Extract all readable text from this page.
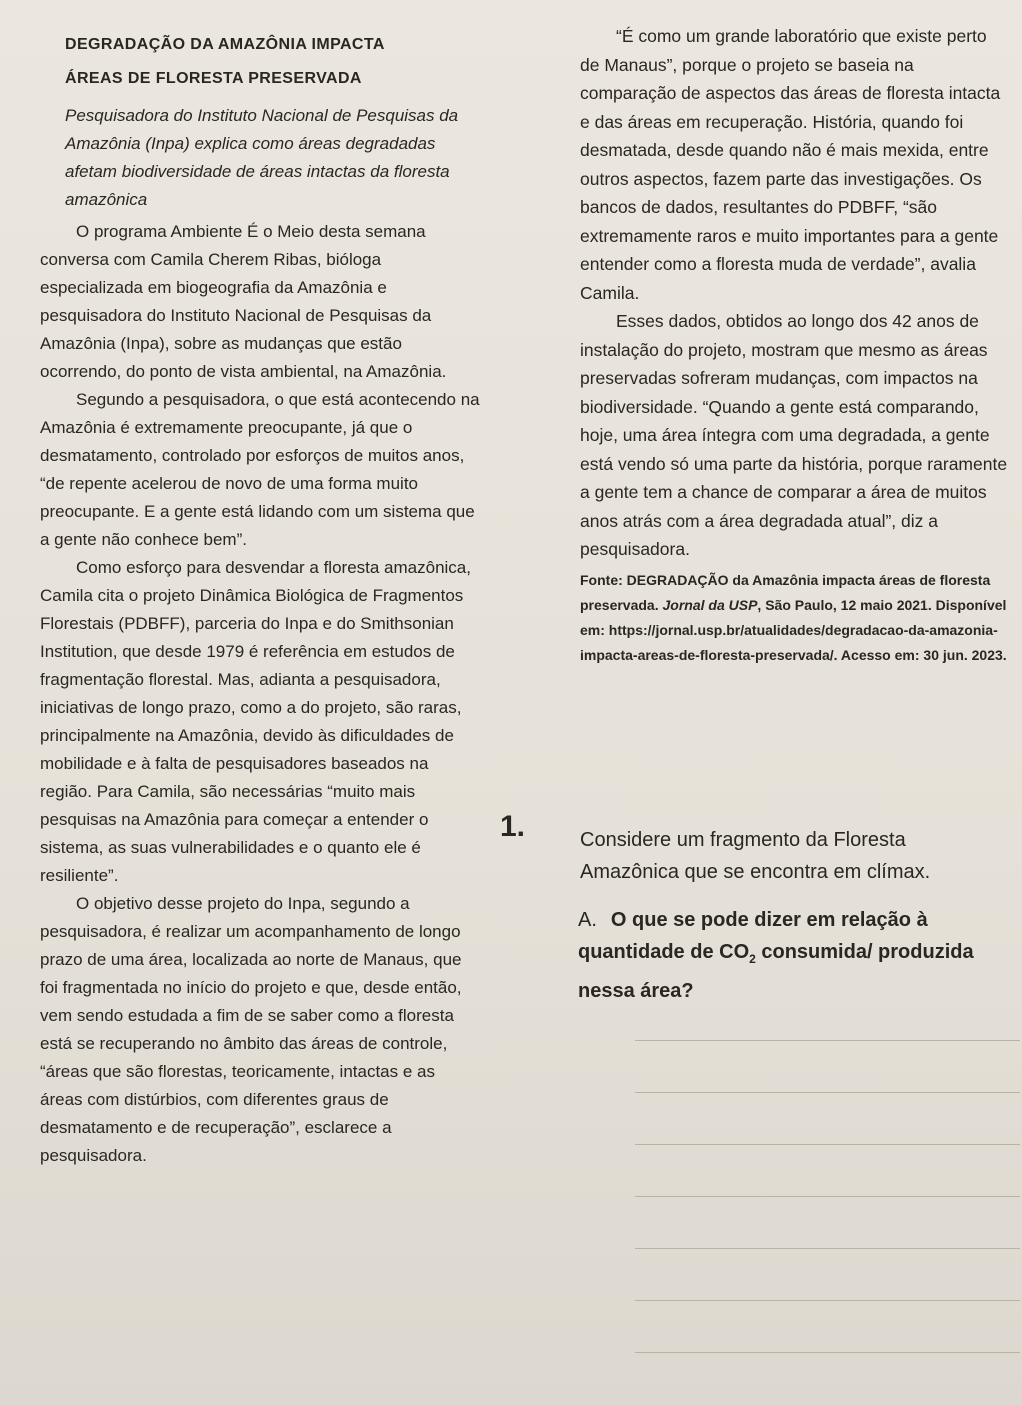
DEGRADAÇÃO DA AMAZÔNIA IMPACTA
ÁREAS DE FLORESTA PRESERVADA
Pesquisadora do Instituto Nacional de Pesquisas da Amazônia (Inpa) explica como áreas degradadas afetam biodiversidade de áreas intactas da floresta amazônica

O programa Ambiente É o Meio desta semana conversa com Camila Cherem Ribas, bióloga especializada em biogeografia da Amazônia e pesquisadora do Instituto Nacional de Pesquisas da Amazônia (Inpa), sobre as mudanças que estão ocorrendo, do ponto de vista ambiental, na Amazônia.

Segundo a pesquisadora, o que está acontecendo na Amazônia é extremamente preocupante, já que o desmatamento, controlado por esforços de muitos anos, “de repente acelerou de novo de uma forma muito preocupante. E a gente está lidando com um sistema que a gente não conhece bem”.

Como esforço para desvendar a floresta amazônica, Camila cita o projeto Dinâmica Biológica de Fragmentos Florestais (PDBFF), parceria do Inpa e do Smithsonian Institution, que desde 1979 é referência em estudos de fragmentação florestal. Mas, adianta a pesquisadora, iniciativas de longo prazo, como a do projeto, são raras, principalmente na Amazônia, devido às dificuldades de mobilidade e à falta de pesquisadores baseados na região. Para Camila, são necessárias “muito mais pesquisas na Amazônia para começar a entender o sistema, as suas vulnerabilidades e o quanto ele é resiliente”.

O objetivo desse projeto do Inpa, segundo a pesquisadora, é realizar um acompanhamento de longo prazo de uma área, localizada ao norte de Manaus, que foi fragmentada no início do projeto e que, desde então, vem sendo estudada a fim de se saber como a floresta está se recuperando no âmbito das áreas de controle, “áreas que são florestas, teoricamente, intactas e as áreas com distúrbios, com diferentes graus de desmatamento e de recuperação”, esclarece a pesquisadora.

“É como um grande laboratório que existe perto de Manaus”, porque o projeto se baseia na comparação de aspectos das áreas de floresta intacta e das áreas em recuperação. História, quando foi desmatada, desde quando não é mais mexida, entre outros aspectos, fazem parte das investigações. Os bancos de dados, resultantes do PDBFF, “são extremamente raros e muito importantes para a gente entender como a floresta muda de verdade”, avalia Camila.

Esses dados, obtidos ao longo dos 42 anos de instalação do projeto, mostram que mesmo as áreas preservadas sofreram mudanças, com impactos na biodiversidade. “Quando a gente está comparando, hoje, uma área íntegra com uma degradada, a gente está vendo só uma parte da história, porque raramente a gente tem a chance de comparar a área de muitos anos atrás com a área degradada atual”, diz a pesquisadora.

Fonte: DEGRADAÇÃO da Amazônia impacta áreas de floresta preservada. Jornal da USP, São Paulo, 12 maio 2021. Disponível em: https://jornal.usp.br/atualidades/degradacao-da-amazonia-impacta-areas-de-floresta-preservada/. Acesso em: 30 jun. 2023.
1.	Considere um fragmento da Floresta Amazônica que se encontra em clímax.
A. O que se pode dizer em relação à quantidade de $CO_2$ consumida/ produzida nessa área?
